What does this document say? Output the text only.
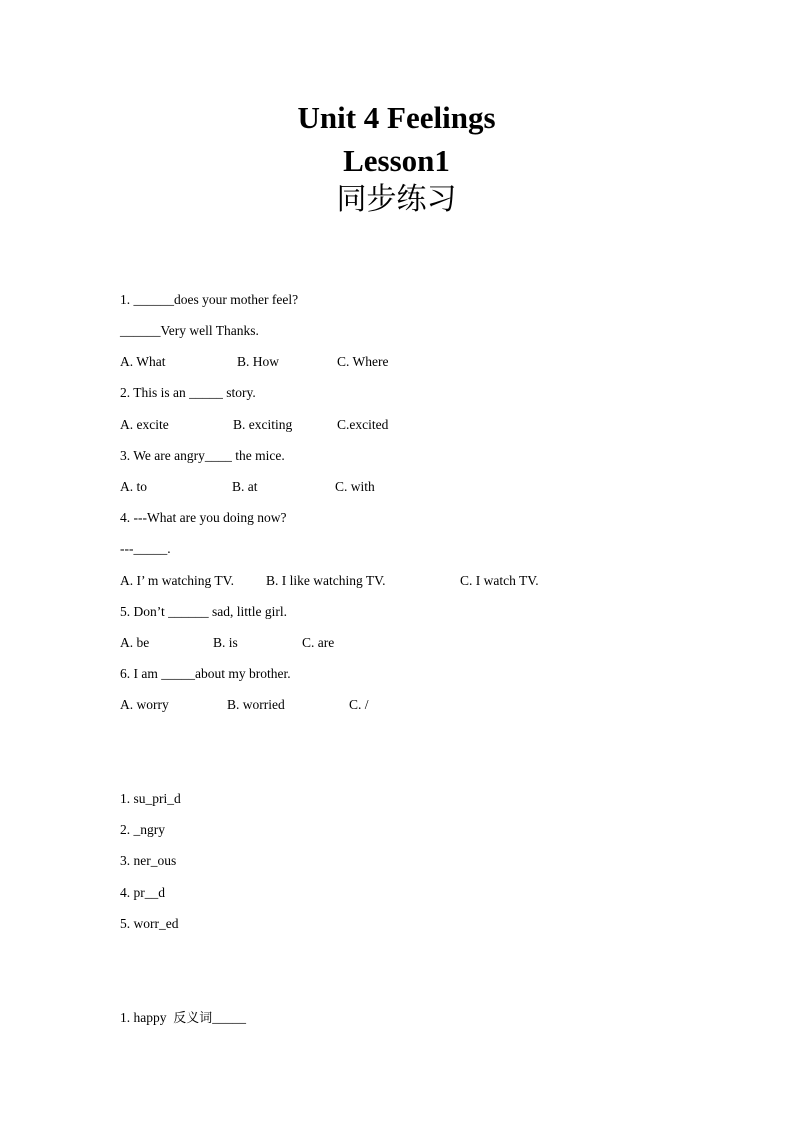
Unit 4 Feelings
Lesson1
同步练习
1. ______does your mother feel?
______Very well Thanks.
A. What	B. How	C. Where
2. This is an _____ story.
A. excite	B. exciting	C.excited
3. We are angry____ the mice.
A. to	B. at	C. with
4. ---What are you doing now?
---_____.
A. I’ m watching TV. B. I like watching TV.	C. I watch TV.
5. Don’t ______ sad, little girl.
A. be	B. is	C. are
6. I am _____about my brother.
A. worry	B. worried	C. /
1. su_pri_d
2. _ngry
3. ner_ous
4. pr__d
5. worr_ed
1. happy 反义词_____
